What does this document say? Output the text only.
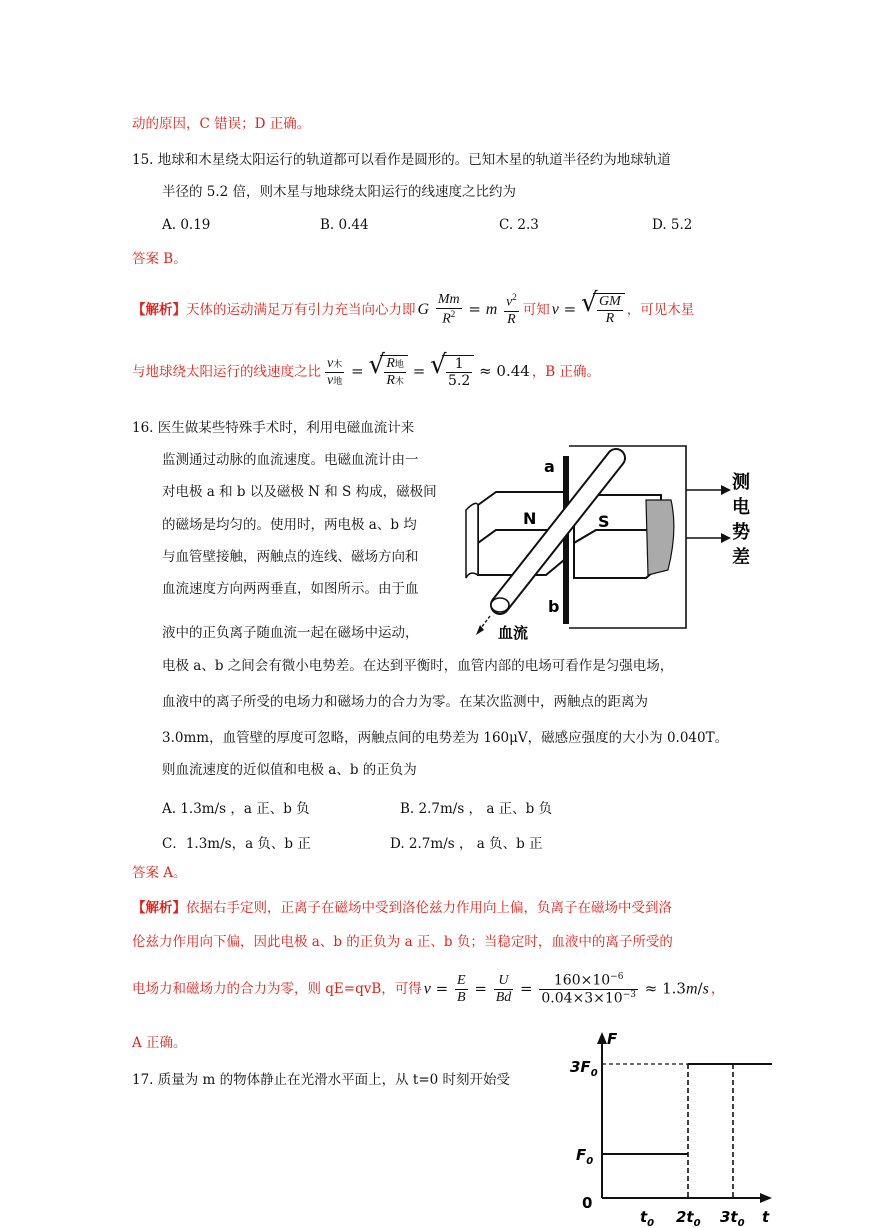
动的原因，C 错误；D 正确。
15. 地球和木星绕太阳运行的轨道都可以看作是圆形的。已知木星的轨道半径约为地球轨道
半径的 5.2 倍，则木星与地球绕太阳运行的线速度之比约为
A. 0.19	B. 0.44	C. 2.3	D. 5.2
答案 B。
【解析】 天体的运动满足万有引力充当向心力即 G $\frac{Mm}{R^2} = m \frac{v^2}{R}$ 可知 v = √ $\frac{GM}{R}$ ，可见木星
与地球绕太阳运行的线速度之比 $\frac{\text{v木}}{\text{v地}}$ = √ $\frac{\text{R地}}{\text{R木}}$ = √ $\frac{1}{5.2} \approx 0.44$ ，B 正确。
16. 医生做某些特殊手术时，利用电磁血流计来
监测通过动脉的血流速度。电磁血流计由一
对电极 a 和 b 以及磁极 N 和 S 构成，磁极间
的磁场是均匀的。使用时，两电极 a、b 均
与血管壁接触，两触点的连线、磁场方向和
血流速度方向两两垂直，如图所示。由于血
液中的正负离子随血流一起在磁场中运动，
电极 a、b 之间会有微小电势差。在达到平衡时，血管内部的电场可看作是匀强电场，
血液中的离子所受的电场力和磁场力的合力为零。在某次监测中，两触点的距离为
3.0mm，血管壁的厚度可忽略，两触点间的电势差为 160μV，磁感应强度的大小为 0.040T。
则血流速度的近似值和电极 a、b 的正负为
A. 1.3m/s ，a 正、b 负	B. 2.7m/s ， a 正、b 负
C．1.3m/s，a 负、b 正	D. 2.7m/s ， a 负、b 正
答案 A。
【解析】依据右手定则，正离子在磁场中受到洛伦兹力作用向上偏，负离子在磁场中受到洛
伦兹力作用向下偏，因此电极 a、b 的正负为 a 正、b 负；当稳定时，血液中的离子所受的
电场力和磁场力的合力为零，则 qE=qvB，可得 $v = \frac{E}{B} = \frac{U}{Bd} = \frac{160\times 10^{-6}}{0.04\times 3\times 10^{-3}} \approx 1.3m/s$ ，
A 正确。
17. 质量为 m 的物体静止在光滑水平面上，从 t=0 时刻开始受
a
b
N	S
测
电
势
差
血流
F
t
0
$3F_0$
$F_0$
$t_0$ $2t_0$ $3t_0$
